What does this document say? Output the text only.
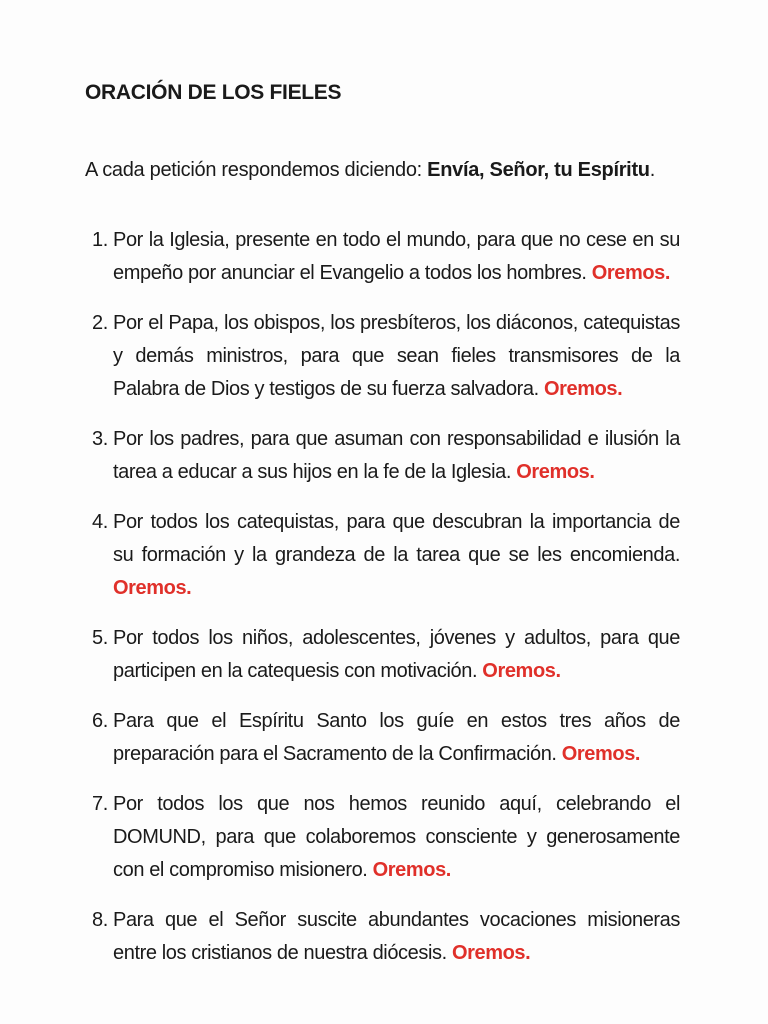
ORACIÓN DE LOS FIELES

A cada petición respondemos diciendo: Envía, Señor, tu Espíritu.

1. Por la Iglesia, presente en todo el mundo, para que no cese en su empeño por anunciar el Evangelio a todos los hombres. Oremos.
2. Por el Papa, los obispos, los presbíteros, los diáconos, catequistas y demás ministros, para que sean fieles transmisores de la Palabra de Dios y testigos de su fuerza salvadora. Oremos.
3. Por los padres, para que asuman con responsabilidad e ilusión la tarea a educar a sus hijos en la fe de la Iglesia. Oremos.
4. Por todos los catequistas, para que descubran la importancia de su formación y la grandeza de la tarea que se les encomienda. Oremos.
5. Por todos los niños, adolescentes, jóvenes y adultos, para que participen en la catequesis con motivación. Oremos.
6. Para que el Espíritu Santo los guíe en estos tres años de preparación para el Sacramento de la Confirmación. Oremos.
7. Por todos los que nos hemos reunido aquí, celebrando el DOMUND, para que colaboremos consciente y generosamente con el compromiso misionero. Oremos.
8. Para que el Señor suscite abundantes vocaciones misioneras entre los cristianos de nuestra diócesis. Oremos.
